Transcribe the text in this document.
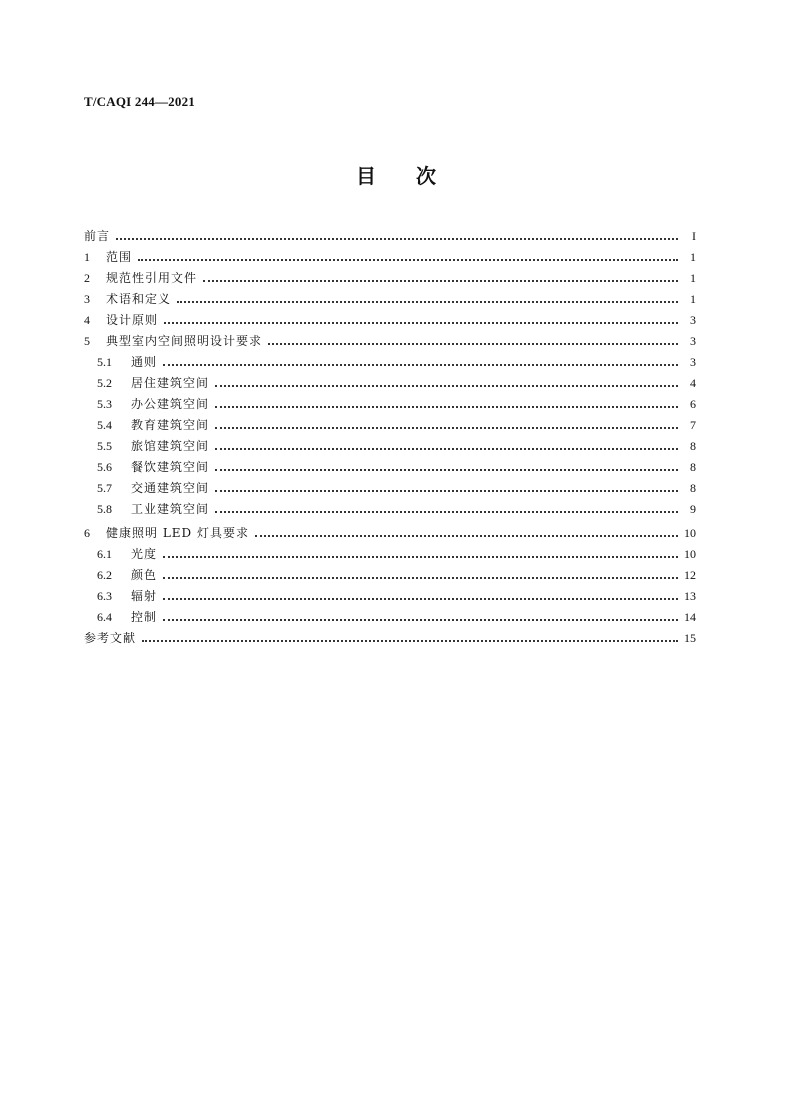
T/CAQI 244—2021
目次
前言	I
1	范围	1
2	规范性引用文件	1
3	术语和定义	1
4	设计原则	3
5	典型室内空间照明设计要求	3
5.1	通则	3
5.2	居住建筑空间	4
5.3	办公建筑空间	6
5.4	教育建筑空间	7
5.5	旅馆建筑空间	8
5.6	餐饮建筑空间	8
5.7	交通建筑空间	8
5.8	工业建筑空间	9
6	健康照明 LED 灯具要求	10
6.1	光度	10
6.2	颜色	12
6.3	辐射	13
6.4	控制	14
参考文献	15
